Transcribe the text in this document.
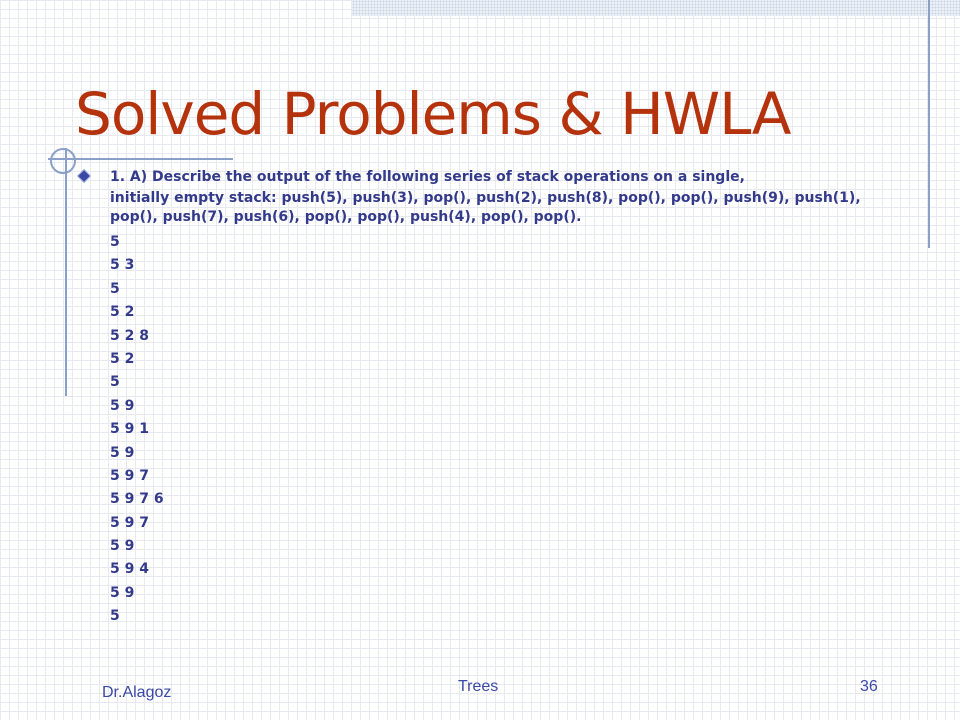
Solved Problems & HWLA

1. A) Describe the output of the following series of stack operations on a single,

initially empty stack: push(5), push(3), pop(), push(2), push(8), pop(), pop(), push(9), push(1), pop(), push(7), push(6), pop(), pop(), push(4), pop(), pop().

5
5 3
5
5 2
5 2 8
5 2
5
5 9
5 9 1
5 9
5 9 7
5 9 7 6
5 9 7
5 9
5 9 4
5 9
5
Dr.Alagoz	Trees	36
